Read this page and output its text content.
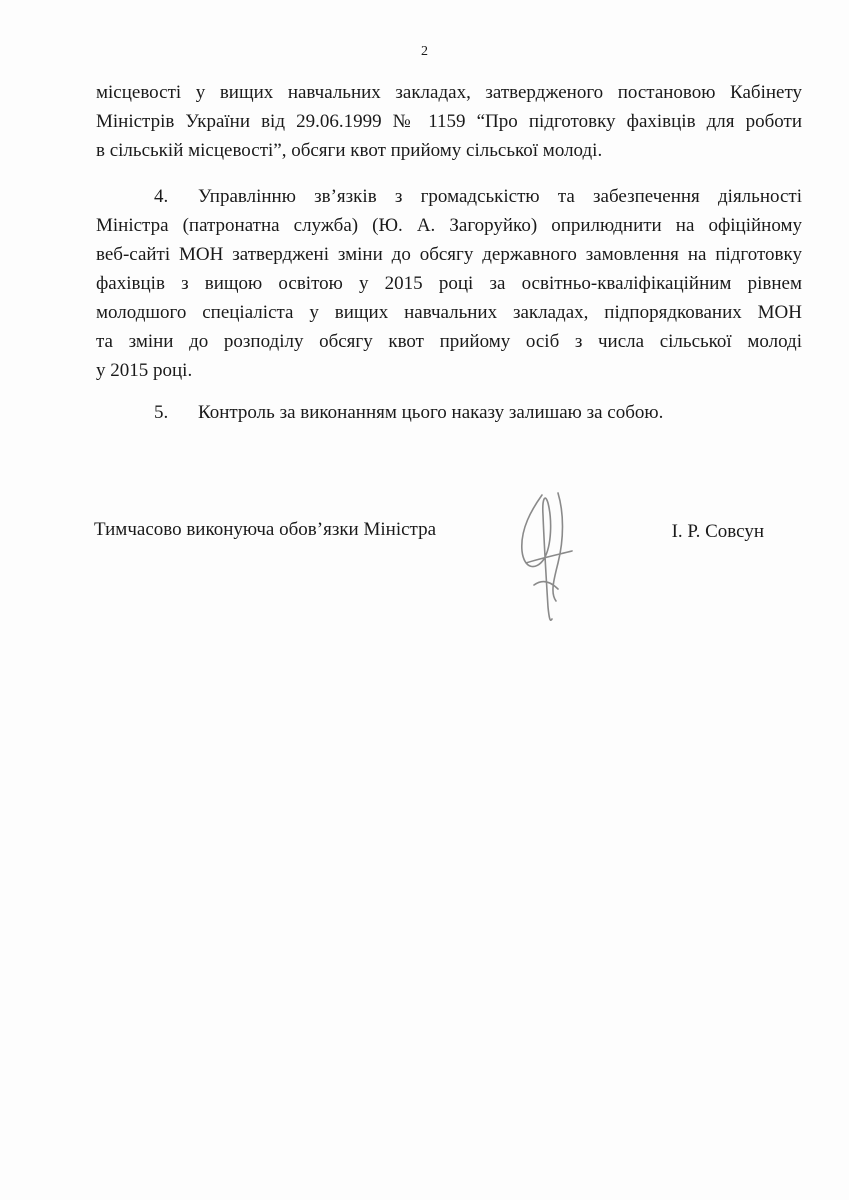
2
місцевості у вищих навчальних закладах, затвердженого постановою Кабінету
Міністрів України від 29.06.1999 № 1159 “Про підготовку фахівців для роботи
в сільській місцевості”, обсяги квот прийому сільської молоді.
4. Управлінню зв’язків з громадськістю та забезпечення діяльності
Міністра (патронатна служба) (Ю. А. Загоруйко) оприлюднити на офіційному
веб-сайті МОН затверджені зміни до обсягу державного замовлення на підготовку
фахівців з вищою освітою у 2015 році за освітньо-кваліфікаційним рівнем
молодшого спеціаліста у вищих навчальних закладах, підпорядкованих МОН
та зміни до розподілу обсягу квот прийому осіб з числа сільської молоді
у 2015 році.
5. Контроль за виконанням цього наказу залишаю за собою.
Тимчасово виконуюча обов’язки Міністра	І. Р. Совсун
